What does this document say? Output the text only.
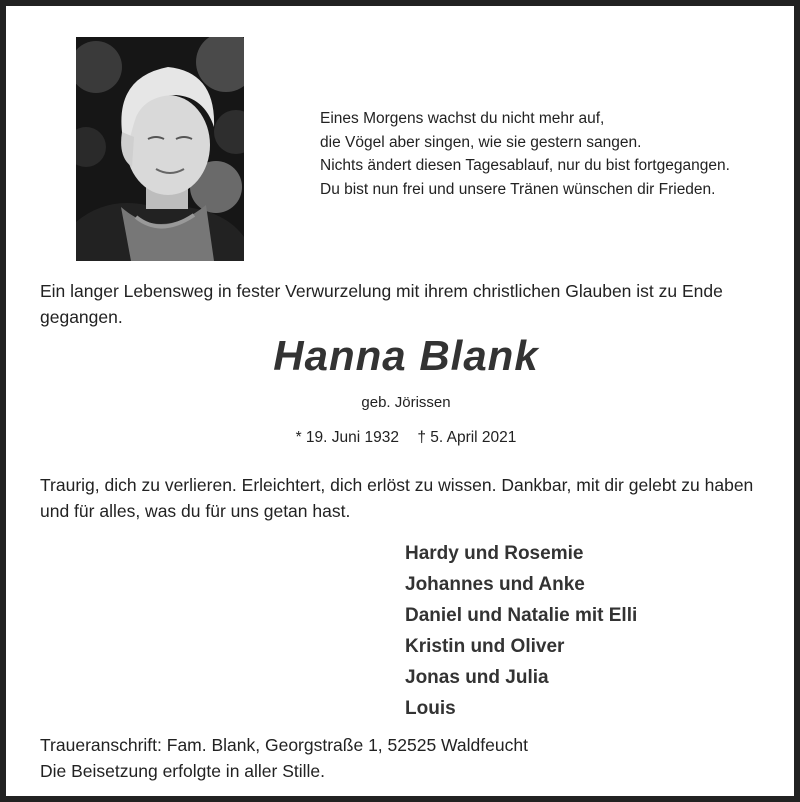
Eines Morgens wachst du nicht mehr auf,
die Vögel aber singen, wie sie gestern sangen.
Nichts ändert diesen Tagesablauf, nur du bist fortgegangen.
Du bist nun frei und unsere Tränen wünschen dir Frieden.
Ein langer Lebensweg in fester Verwurzelung mit ihrem christlichen Glauben ist zu Ende gegangen.
Hanna Blank
geb. Jörissen
* 19. Juni 1932 † 5. April 2021
Traurig, dich zu verlieren. Erleichtert, dich erlöst zu wissen. Dankbar, mit dir gelebt zu haben und für alles, was du für uns getan hast.
Hardy und Rosemie
Johannes und Anke
Daniel und Natalie mit Elli
Kristin und Oliver
Jonas und Julia
Louis
Traueranschrift: Fam. Blank, Georgstraße 1, 52525 Waldfeucht
Die Beisetzung erfolgte in aller Stille.
